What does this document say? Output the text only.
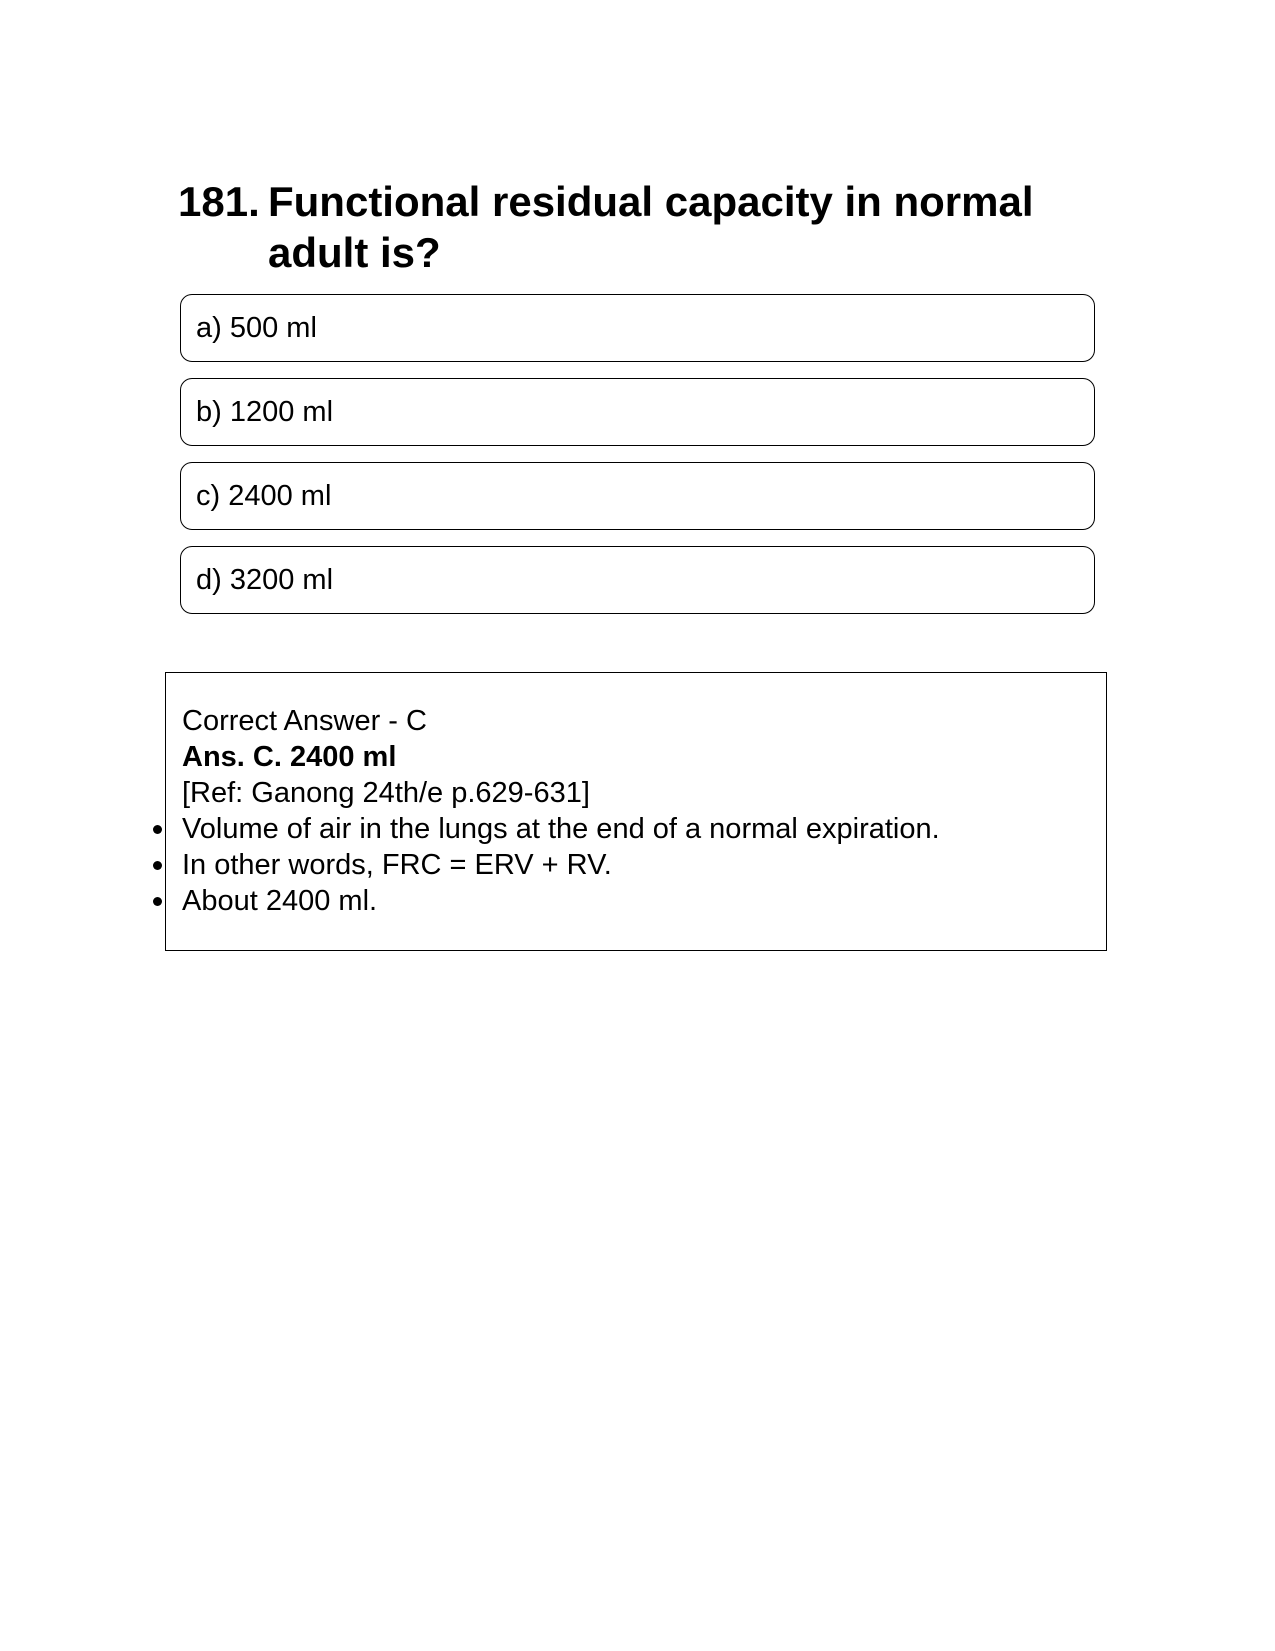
181. Functional residual capacity in normal adult is?
a) 500 ml
b) 1200 ml
c) 2400 ml
d) 3200 ml
Correct Answer - C
Ans. C. 2400 ml
[Ref: Ganong 24th/e p.629-631]
Volume of air in the lungs at the end of a normal expiration.
In other words, FRC = ERV + RV.
About 2400 ml.
